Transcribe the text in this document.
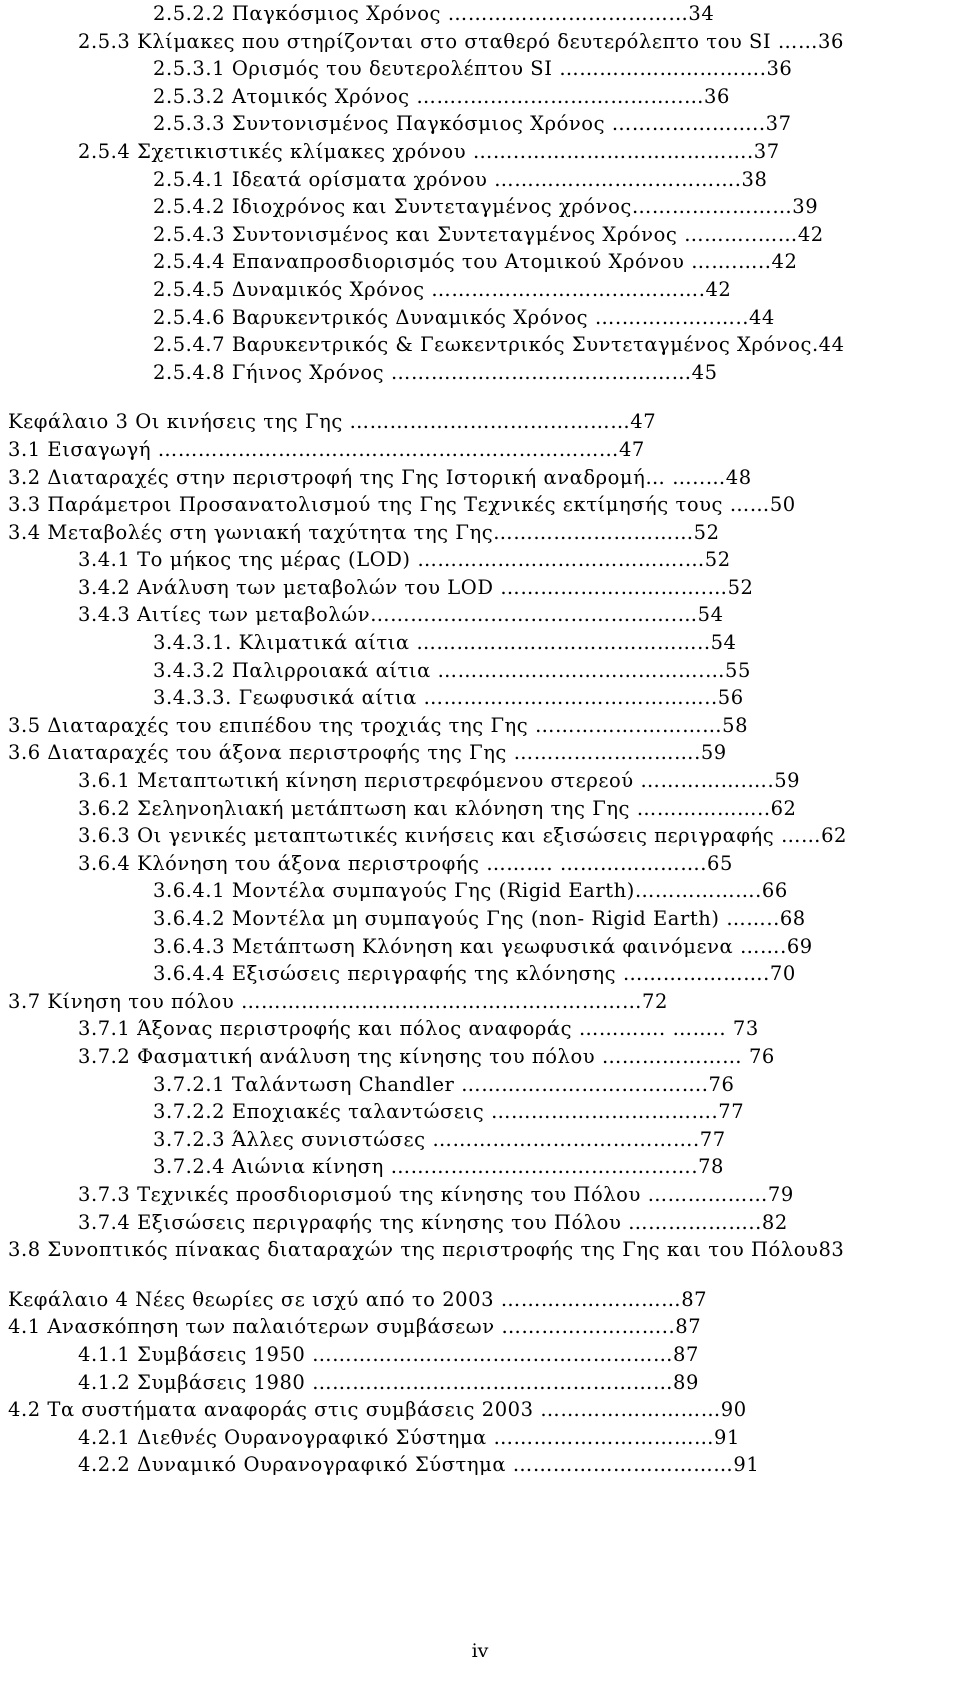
2.5.2.2 Παγκόσμιος Χρόνος ………………………………34
2.5.3 Κλίμακες που στηρίζονται στο σταθερό δευτερόλεπτο του SI ……36
2.5.3.1 Ορισμός του δευτερολέπτου SI ………………………….36
2.5.3.2 Ατομικός Χρόνος ……..…………………………..…36
2.5.3.3 Συντονισμένος Παγκόσμιος Χρόνος …………………..37
2.5.4 Σχετικιστικές κλίμακες χρόνου ……..…………………………….37
2.5.4.1 Ιδεατά ορίσματα χρόνου ……………………………….38
2.5.4.2 Ιδιοχρόνος και Συντεταγμένος χρόνος……………………39
2.5.4.3 Συντονισμένος και Συντεταγμένος Χρόνος ………..……42
2.5.4.4 Επαναπροσδιορισμός του Ατομικού Χρόνου …….…..42
2.5.4.5 Δυναμικός Χρόνος ……………………….………….42
2.5.4.6 Βαρυκεντρικός Δυναμικός Χρόνος ….…………..…..44
2.5.4.7 Βαρυκεντρικός & Γεωκεντρικός Συντεταγμένος Χρόνος.44
2.5.4.8 Γήινος Χρόνος ………………………………………45
Κεφάλαιο 3 Οι κινήσεις της Γης ……………………………………47
3.1 Εισαγωγή ……………………………………………………………47
3.2 Διαταραχές στην περιστροφή της Γης Ιστορική αναδρομή… …..…48
3.3 Παράμετροι Προσανατολισμού της Γης Τεχνικές εκτίμησής τους ……50
3.4 Μεταβολές στη γωνιακή ταχύτητα της Γης…………………………52
3.4.1 Το μήκος της μέρας (LOD) ………………………………….…52
3.4.2 Ανάλυση των μεταβολών του LOD ………………………….…52
3.4.3 Αιτίες των μεταβολών……………………………………….…54
3.4.3.1. Κλιματικά αίτια ……………………………………..54
3.4.3.2 Παλιρροιακά αίτια ………………………………….…55
3.4.3.3. Γεωφυσικά αίτια ……………………………………..56
3.5 Διαταραχές του επιπέδου της τροχιάς της Γης …………….…………58
3.6 Διαταραχές του άξονα περιστροφής της Γης ……………………….59
3.6.1 Μεταπτωτική κίνηση περιστρεφόμενου στερεού …………….….59
3.6.2 Σεληνοηλιακή μετάπτωση και κλόνηση της Γης ………………..62
3.6.3 Οι γενικές μεταπτωτικές κινήσεις και εξισώσεις περιγραφής ……62
3.6.4 Κλόνηση του άξονα περιστροφής ………. ………………….65
3.6.4.1 Μοντέλα συμπαγούς Γης (Rigid Earth)……………….66
3.6.4.2 Μοντέλα μη συμπαγούς Γης (non- Rigid Earth) ……..68
3.6.4.3 Μετάπτωση Κλόνηση και γεωφυσικά φαινόμενα …….69
3.6.4.4 Εξισώσεις περιγραφής της κλόνησης ………………….70
3.7 Κίνηση του πόλου ……………………………………………………72
3.7.1 Άξονας περιστροφής και πόλος αναφοράς …………. …….. 73
3.7.2 Φασματική ανάλυση της κίνησης του πόλου ………………… 76
3.7.2.1 Ταλάντωση Chandler ……………………………….76
3.7.2.2 Εποχιακές ταλαντώσεις …………………………….77
3.7.2.3 Άλλες συνιστώσες ………………………………….77
3.7.2.4 Αιώνια κίνηση ……………………………………….78
3.7.3 Τεχνικές προσδιορισμού της κίνησης του Πόλου ………………79
3.7.4 Εξισώσεις περιγραφής της κίνησης του Πόλου ………………..82
3.8 Συνοπτικός πίνακας διαταραχών της περιστροφής της Γης και του Πόλου83
Κεφάλαιο 4 Νέες θεωρίες σε ισχύ από το 2003 ………………………87
4.1 Ανασκόπηση των παλαιότερων συμβάσεων ……………………..87
4.1.1 Συμβάσεις 1950 ………………………………………………87
4.1.2 Συμβάσεις 1980 ………………………………………………89
4.2 Τα συστήματα αναφοράς στις συμβάσεις 2003 ………………………90
4.2.1 Διεθνές Ουρανογραφικό Σύστημα ……………………………91
4.2.2 Δυναμικό Ουρανογραφικό Σύστημα ……………………………91
iv
